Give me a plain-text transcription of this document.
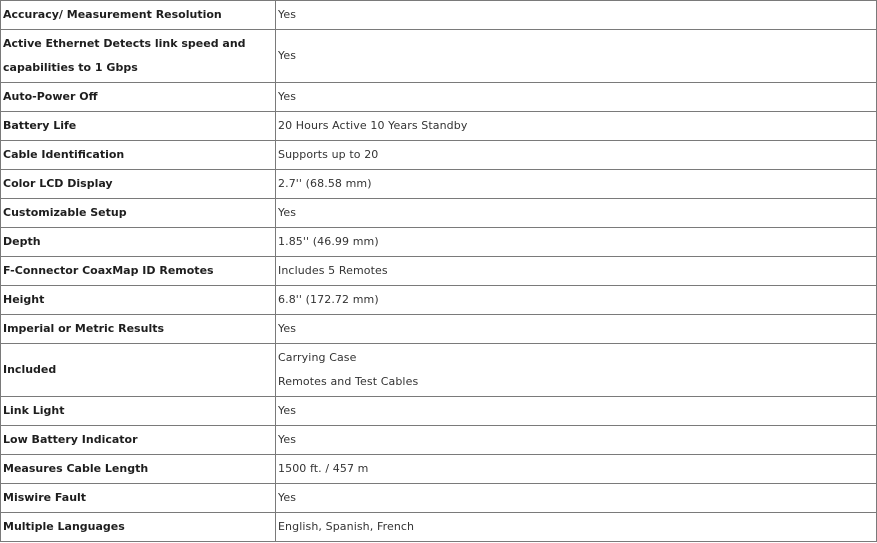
Accuracy/ Measurement Resolution	Yes

Active Ethernet Detects link speed and
capabilities to 1 Gbps	Yes
Auto-Power Off	Yes
Battery Life	20 Hours Active 10 Years Standby
Cable Identification	Supports up to 20
Color LCD Display	2.7'' (68.58 mm)
Customizable Setup	Yes
Depth	1.85'' (46.99 mm)
F-Connector CoaxMap ID Remotes	Includes 5 Remotes
Height	6.8'' (172.72 mm)
Imperial or Metric Results	Yes
Included	Carrying Case
Remotes and Test Cables

Link Light	Yes
Low Battery Indicator	Yes
Measures Cable Length	1500 ft. / 457 m
Miswire Fault	Yes
Multiple Languages	English, Spanish, French
